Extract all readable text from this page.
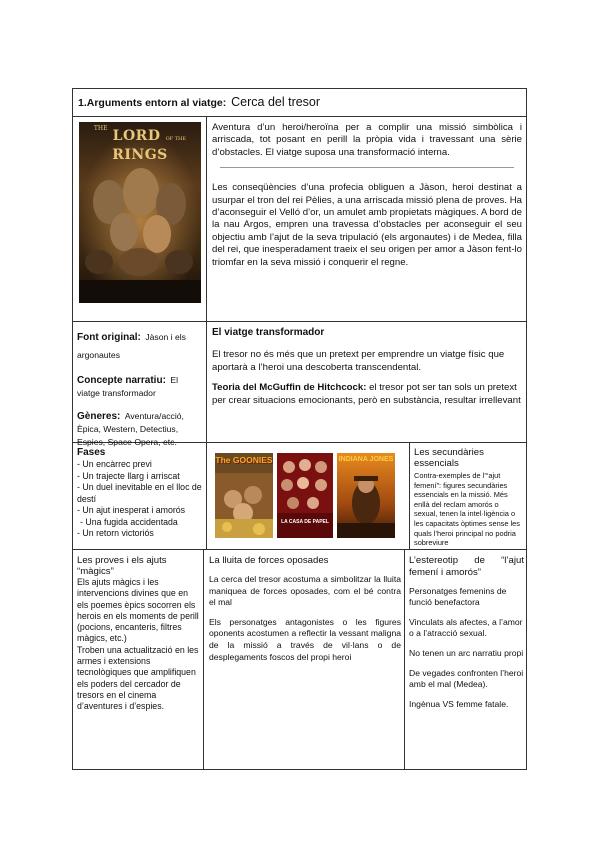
1.Arguments entorn al viatge: Cerca del tresor
$^{THE}$ LORD OF THE RINGS

Aventura d’un heroi/heroïna per a complir una missió simbòlica i arriscada, tot posant en perill la pròpia vida i travessant una sèrie d’obstacles. El viatge suposa una transformació interna.

Les conseqüències d’una profecia obliguen a Jàson, heroi destinat a usurpar el tron del rei Pèlies, a una arriscada missió plena de proves. Ha d’aconseguir el Velló d’or, un amulet amb propietats màgiques. A bord de la nau Argos, empren una travessa d’obstacles per aconseguir el seu objectiu amb l’ajut de la seva tripulació (els argonautes) i de Medea, filla del rei, que inesperadament traeix el seu origen per amor a Jàson fent-lo triomfar en la seva missió i conquerir el regne.

Font original: Jàson i els argonautes
Concepte narratiu: El viatge transformador
Gèneres: Aventura/acció, Èpica, Western, Detectius, Espies, Space Opera, etc.

El viatge transformador

El tresor no és més que un pretext per emprendre un viatge físic que aportarà a l’heroi una descoberta transcendental.

Teoria del McGuffin de Hitchcock: el tresor pot ser tan sols un pretext per crear situacions emocionants, però en substància, resultar irrellevant

Fases
- Un encàrrec previ
- Un trajecte llarg i arriscat
- Un duel inevitable en el lloc de destí
- Un ajut inesperat i amorós
- Una fugida accidentada
- Un retorn victoriós
The GOONIES
LA CASA DE PAPEL
INDIANA JONES
Les secundàries essencials
Contra-exemples de l’“ajut femení”: figures secundàries essencials en la missió. Més enllà del reclam amorós o sexual, tenen la intel·ligència o les capacitats òptimes sense les quals l’heroi principal no podria sobreviure
Les proves i els ajuts “màgics”
Els ajuts màgics i les intervencions divines que en els poemes èpics socorren els herois en els moments de perill (pocions, encanteris, filtres màgics, etc.)
Troben una actualització en les armes i extensions tecnològiques que amplifiquen els poders del cercador de tresors en el cinema d’aventures i d’espies.
La lluita de forces oposades
La cerca del tresor acostuma a simbolitzar la lluita maniquea de forces oposades, com el bé contra el mal
Els personatges antagonistes o les figures oponents acostumen a reflectir la vessant maligna de la missió a través de vil·lans o de desplegaments foscos del propi heroi
L’estereotip de “l’ajut femení i amorós”
Personatges femenins de funció benefactora
Vinculats als afectes, a l’amor o a l’atracció sexual.
No tenen un arc narratiu propi
De vegades confronten l’heroi amb el mal (Medea).
Ingènua VS femme fatale.
